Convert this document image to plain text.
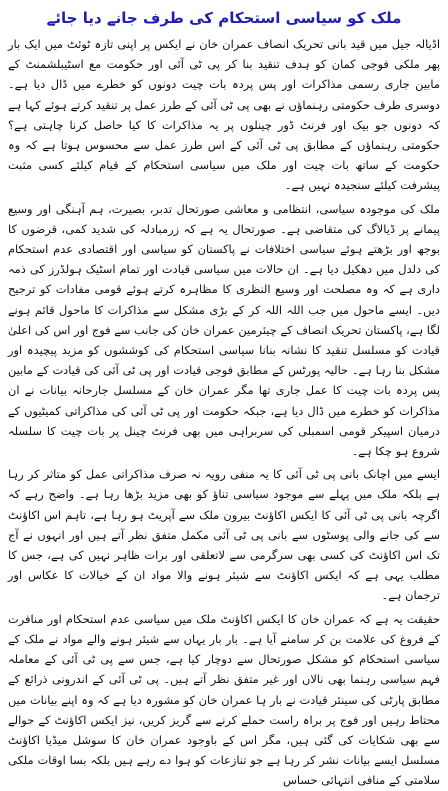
ملک کو سیاسی استحکام کی طرف جانے دیا جائے

اڈیالہ جیل میں قید بانی تحریک انصاف عمران خان نے ایکس پر اپنی تازہ ٹوئٹ میں ایک بار پھر ملکی فوجی کمان کو ہدف تنقید بنا کر پی ٹی آئی اور حکومت مع اسٹیبلشمنٹ کے مابین جاری رسمی مذاکرات اور پس پردہ بات چیت دونوں کو خطرے میں ڈال دیا ہے۔ دوسری طرف حکومتی رہنماؤں نے بھی پی ٹی آئی کے طرز عمل پر تنقید کرتے ہوئے کہا ہے کہ دونوں جو بیک اور فرنٹ ڈور چینلوں پر یہ مذاکرات کا کیا حاصل کرنا چاہتی ہے؟ حکومتی رہنماؤں کے مطابق پی ٹی آئی کے اس طرز عمل سے محسوس ہوتا ہے کہ وہ حکومت کے ساتھ بات چیت اور ملک میں سیاسی استحکام کے قیام کیلئے کسی مثبت پیشرفت کیلئے سنجیدہ نہیں ہے۔

ملک کی موجودہ سیاسی، انتظامی و معاشی صورتحال تدبر، بصیرت، ہم آہنگی اور وسیع پیمانے پر ڈیالاگ کی متقاضی ہے۔ صورتحال یہ ہے کہ زرمبادلہ کی شدید کمی، قرضوں کا بوجھ اور بڑھتے ہوئے سیاسی اختلافات نے پاکستان کو سیاسی اور اقتصادی عدم استحکام کی دلدل میں دھکیل دیا ہے۔ ان حالات میں سیاسی قیادت اور تمام اسٹیک ہولڈرز کی ذمہ داری ہے کہ وہ مصلحت اور وسیع النظری کا مظاہرہ کرتے ہوئے قومی مفادات کو ترجیح دیں۔ ایسے ماحول میں جب اللہ اللہ کر کے بڑی مشکل سے مذاکرات کا ماحول قائم ہونے لگا ہے، پاکستان تحریک انصاف کے چیئرمین عمران خان کی جانب سے فوج اور اس کی اعلیٰ قیادت کو مسلسل تنقید کا نشانہ بنانا سیاسی استحکام کی کوششوں کو مزید پیچیدہ اور مشکل بنا رہا ہے۔ حالیہ پورٹس کے مطابق فوجی قیادت اور پی ٹی آئی کی قیادت کے مابین پس پردہ بات چیت کا عمل جاری تھا مگر عمران خان کے مسلسل جارحانہ بیانات نے ان مذاکرات کو خطرے میں ڈال دیا ہے، جبکہ حکومت اور پی ٹی آئی کی مذاکراتی کمیٹیوں کے درمیان اسپیکر قومی اسمبلی کی سربراہی میں بھی فرنٹ چینل پر بات چیت کا سلسلہ شروع ہو چکا ہے۔

ایسے میں اچانک بانی پی ٹی آئی کا یہ منفی رویہ نہ صرف مذاکراتی عمل کو متاثر کر رہا ہے بلکہ ملک میں پہلے سے موجود سیاسی تناؤ کو بھی مزید بڑھا رہا ہے۔ واضح رہے کہ اگرچہ بانی پی ٹی آئی کا ایکس اکاؤنٹ بیرون ملک سے آپریٹ ہو رہا ہے، تاہم اس اکاؤنٹ سے کی جانے والی پوسٹوں سے بانی پی ٹی آئی مکمل متفق نظر آتے ہیں اور انہوں نے آج تک اس اکاؤنٹ کی کسی بھی سرگرمی سے لاتعلقی اور برات ظاہر نہیں کی ہے، جس کا مطلب یہی ہے کہ ایکس اکاؤنٹ سے شیئر ہونے والا مواد ان کے خیالات کا عکاس اور ترجمان ہے۔

حقیقت یہ ہے کہ عمران خان کا ایکس اکاؤنٹ ملک میں سیاسی عدم استحکام اور منافرت کے فروغ کی علامت بن کر سامنے آیا ہے۔ بار بار یہاں سے شیئر ہونے والے مواد نے ملک کے سیاسی استحکام کو مشکل صورتحال سے دوچار کیا ہے، جس سے پی ٹی آئی کے معاملہ فہم سیاسی رہنما بھی نالاں اور غیر متفق نظر آتے ہیں۔ پی ٹی آئی کے اندرونی ذرائع کے مطابق پارٹی کی سینئر قیادت نے بار ہا عمران خان کو مشورہ دیا ہے کہ وہ اپنے بیانات میں محتاط رہیں اور فوج پر براہ راست حملے کرنے سے گریز کریں، نیز ایکس اکاؤنٹ کے حوالے سے بھی شکایات کی گئی ہیں، مگر اس کے باوجود عمران خان کا سوشل میڈیا اکاؤنٹ مسلسل ایسے بیانات نشر کر رہا ہے جو تنازعات کو ہوا دے رہے ہیں بلکہ بسا اوقات ملکی سلامتی کے منافی انتہائی حساس
